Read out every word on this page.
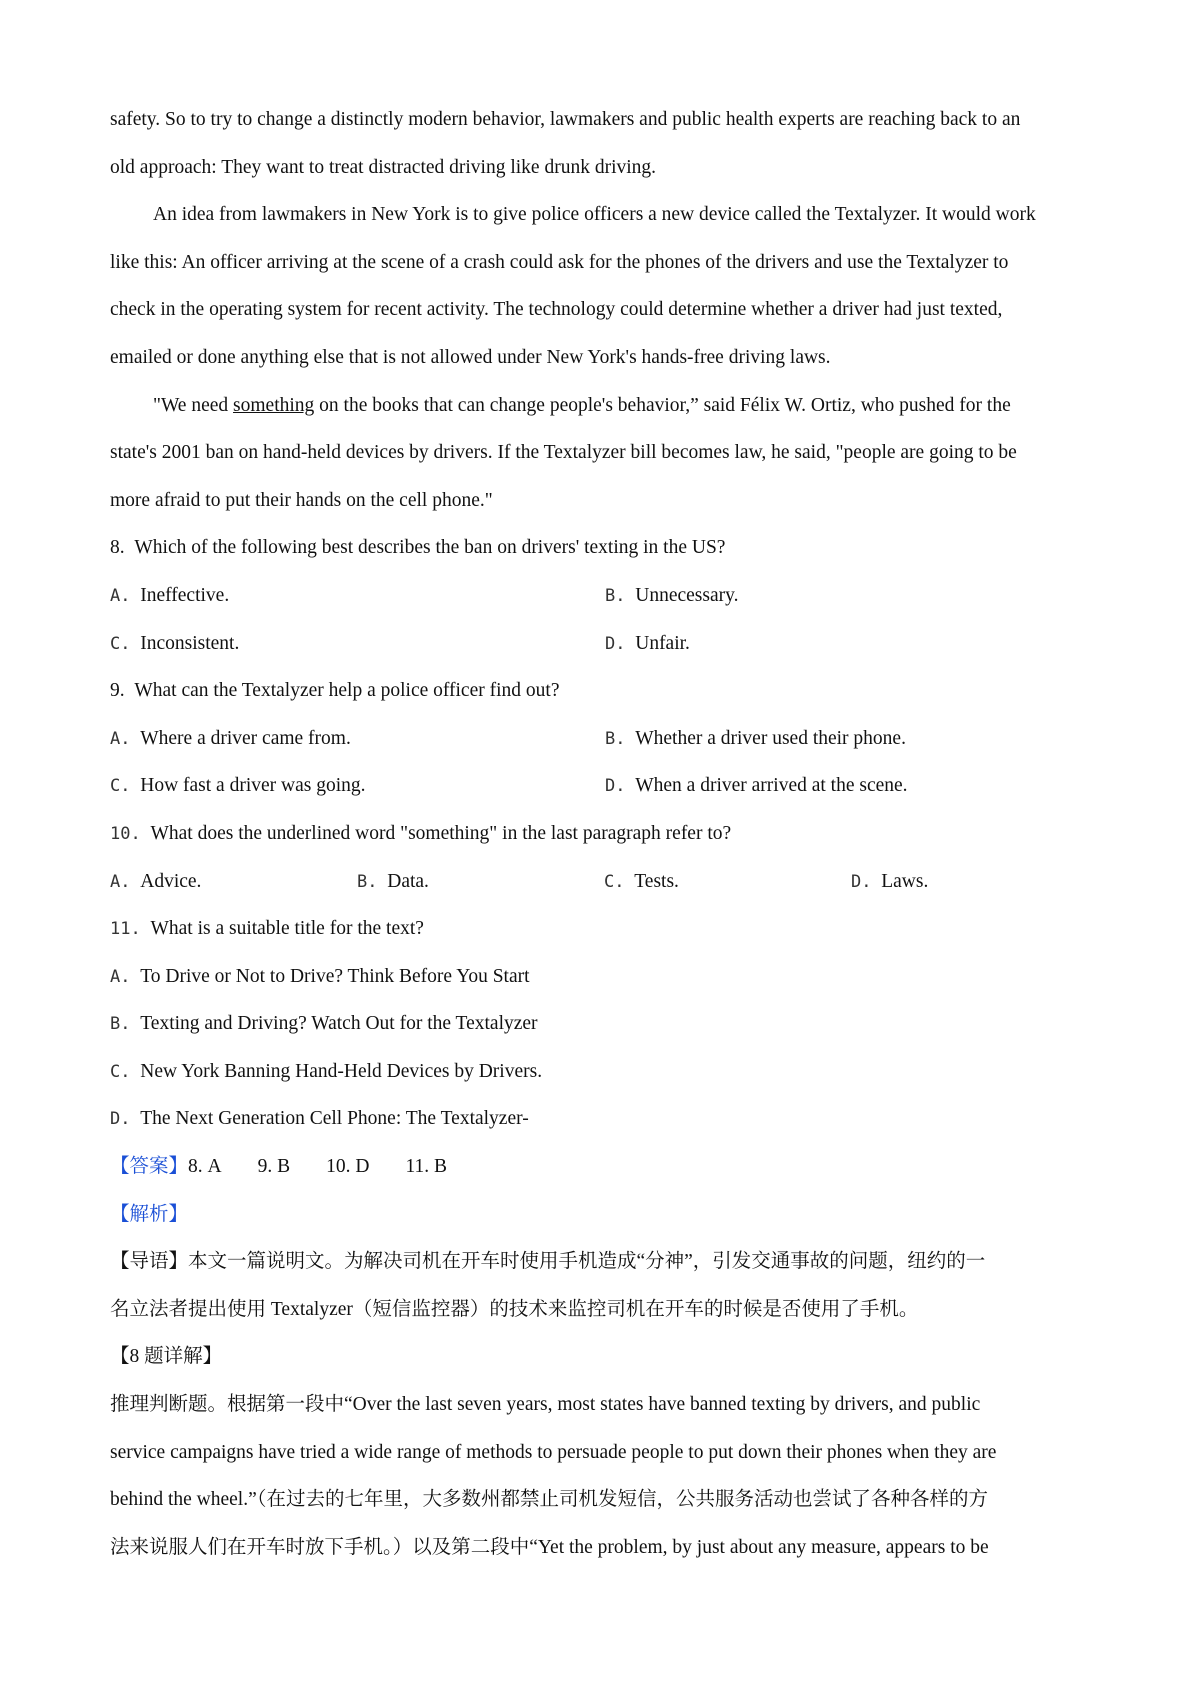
safety. So to try to change a distinctly modern behavior, lawmakers and public health experts are reaching back to an
old approach: They want to treat distracted driving like drunk driving.
An idea from lawmakers in New York is to give police officers a new device called the Textalyzer. It would work
like this: An officer arriving at the scene of a crash could ask for the phones of the drivers and use the Textalyzer to
check in the operating system for recent activity. The technology could determine whether a driver had just texted,
emailed or done anything else that is not allowed under New York's hands-free driving laws.
"We need something on the books that can change people's behavior,” said Félix W. Ortiz, who pushed for the
state's 2001 ban on hand-held devices by drivers. If the Textalyzer bill becomes law, he said, "people are going to be
more afraid to put their hands on the cell phone."
8. Which of the following best describes the ban on drivers' texting in the US?
A. Ineffective.	B. Unnecessary.
C. Inconsistent.	D. Unfair.
9. What can the Textalyzer help a police officer find out?
A. Where a driver came from.	B. Whether a driver used their phone.
C. How fast a driver was going.	D. When a driver arrived at the scene.
10. What does the underlined word "something" in the last paragraph refer to?
A. Advice.	B. Data.	C. Tests.	D. Laws.
11. What is a suitable title for the text?
A. To Drive or Not to Drive? Think Before You Start
B. Texting and Driving? Watch Out for the Textalyzer
C. New York Banning Hand-Held Devices by Drivers.
D. The Next Generation Cell Phone: The Textalyzer-
【答案】8. A 9. B 10. D 11. B
【解析】
【导语】本文一篇说明文。为解决司机在开车时使用手机造成“分神”，引发交通事故的问题，纽约的一
名立法者提出使用 Textalyzer（短信监控器）的技术来监控司机在开车的时候是否使用了手机。
【8 题详解】
推理判断题。根据第一段中“Over the last seven years, most states have banned texting by drivers, and public
service campaigns have tried a wide range of methods to persuade people to put down their phones when they are
behind the wheel.”（在过去的七年里，大多数州都禁止司机发短信，公共服务活动也尝试了各种各样的方
法来说服人们在开车时放下手机。）以及第二段中“Yet the problem, by just about any measure, appears to be
